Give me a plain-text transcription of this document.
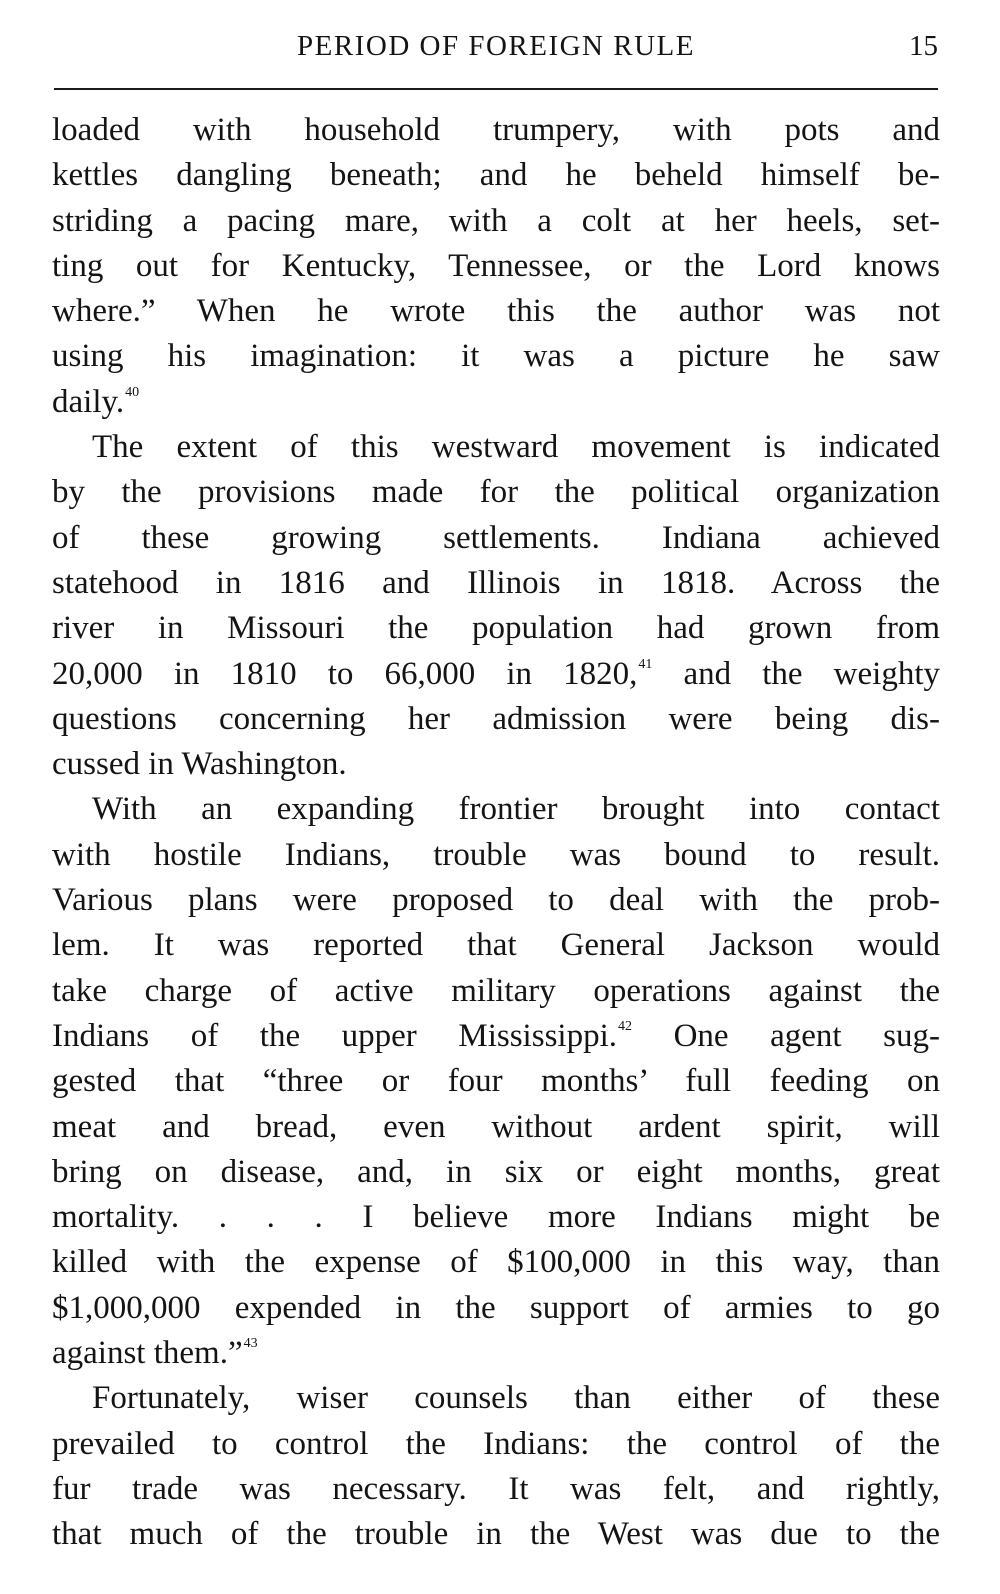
PERIOD OF FOREIGN RULE	15
loaded with household trumpery, with pots and
kettles dangling beneath; and he beheld himself be-
striding a pacing mare, with a colt at her heels, set-
ting out for Kentucky, Tennessee, or the Lord knows
where.” When he wrote this the author was not
using his imagination: it was a picture he saw
daily.$^{40}$
The extent of this westward movement is indicated
by the provisions made for the political organization
of these growing settlements. Indiana achieved
statehood in 1816 and Illinois in 1818. Across the
river in Missouri the population had grown from
20,000 in 1810 to 66,000 in 1820,41 and the weighty
questions concerning her admission were being dis-
cussed in Washington.
With an expanding frontier brought into contact
with hostile Indians, trouble was bound to result.
Various plans were proposed to deal with the prob-
lem. It was reported that General Jackson would
take charge of active military operations against the
Indians of the upper Mississippi.$^{42}$ One agent sug-
gested that “three or four months’ full feeding on
meat and bread, even without ardent spirit, will
bring on disease, and, in six or eight months, great
mortality. . . . I believe more Indians might be
killed with the expense of $100,000 in this way, than
$1,000,000 expended in the support of armies to go
against them.”$^{43}$
Fortunately, wiser counsels than either of these
prevailed to control the Indians: the control of the
fur trade was necessary. It was felt, and rightly,
that much of the trouble in the West was due to the
